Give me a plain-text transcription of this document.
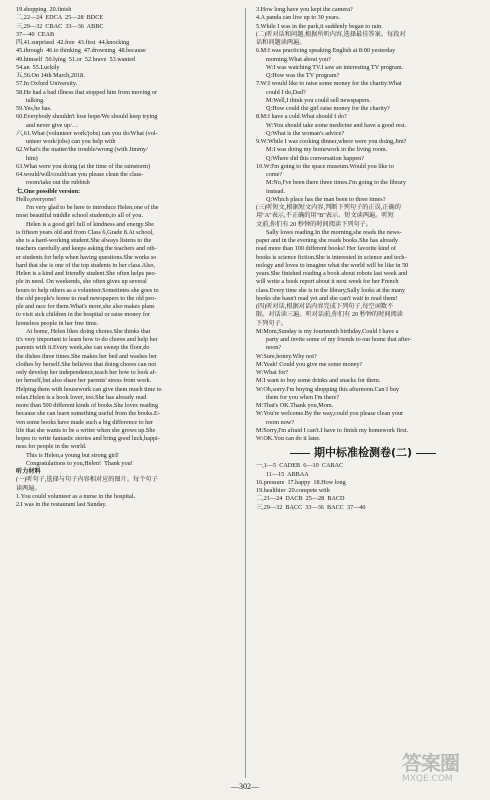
19.shopping  20.finish
二,22—24  EDCA  25—28  BDCE
三,29—32  CBAC  33—36  ABBC
37—40  CEAB
四,41.surprised  42.free  43.first  44.knocking
45.through  46.to thinking  47.drowning  48.because
49.himself  50.lying  51.or  52.brave  53.wanted
54.an  55.Luckily
五,56.On 14th March,2018.
57.In Oxford University.
58.He had a bad illness that stopped him from moving or
talking.
59.Yes,he has.
60.Everybody shouldn't lose hope/We should keep trying
and never give up/…
六,61.What (volunteer work/jobs) can you do/What (vol-
unteer work/jobs) can you help with
62.What's the matter/the trouble/wrong (with Jimmy/
him)
63.What were you doing (at the time of the rainstorm)
64.would/will/could/can you please clean the class-
room/take out the rubbish
七,One possible version:
Hello,everyone!
I'm very glad to be here to introduce Helen,one of the
most beautiful middle school students,to all of you.
Helen is a good girl full of kindness and energy.She
is fifteen years old and from Class 6,Grade 8.At school,
she is a hard-working student.She always listens to the
teachers carefully and keeps asking the teachers and oth-
er students for help when having questions.She works so
hard that she is one of the top students in her class.Also,
Helen is a kind and friendly student.She often helps peo-
ple in need. On weekends, she often gives up several
hours to help others as a volunteer.Sometimes she goes to
the old people's home to read newspapers to the old peo-
ple and race for them.What's more,she also makes plans
to visit sick children in the hospital or raise money for
homeless people in her free time.
At home, Helen likes doing chores.She thinks that
it's very important to learn how to do chores and help her
parents with it.Every week,she can sweep the floor,do
the dishes three times.She makes her bed and washes her
clothes by herself.She believes that doing chores can not
only develop her independence,teach her how to look af-
ter herself,but also share her parents' stress from work.
Helping them with housework can give them much time to
relax.Helen is a book lover, too.She has already read
more than 500 different kinds of books.She loves reading
because she can learn something useful from the books.E-
ven some books have made such a big difference to her
life that she wants to be a writer when she grows up.She
hopes to write fantastic stories and bring good luck,happi-
ness for people in the world.
This is Helen,a young but strong girl!
Congratulations to you,Helen!  Thank you!
听力材料
(一)听句子,选择与句子内容相对应的图片。每个句子
读两遍。
1.You could volunteer as a nurse in the hospital.
2.I was in the restaurant last Sunday.
3.How long have you kept the camera?
4.A panda can live up to 30 years.
5.While I was in the park,it suddenly began to rain.
(二)听对话和问题,根据所听内容,选择最佳答案。每段对
话和问题读两遍。
6.M:I was practicing speaking English at 8:00 yesterday
morning.What about you?
W:I was watching TV.I saw an interesting TV program.
Q:How was the TV program?
7.W:I would like to raise some money for the charity.What
could I do,Dad?
M:Well,I think you could sell newspapers.
Q:How could the girl raise money for the charity?
8.M:I have a cold.What should I do?
W:You should take some medicine and have a good rest.
Q:What is the woman's advice?
9.W:While I was cooking dinner,where were you doing,Jim?
M:I was doing my homework in the living room.
Q:Where did this conversation happen?
10.W:I'm going to the space museum.Would you like to
come?
M:No,I've been there three times.I'm going to the library
instead.
Q:Which place has the man been to three times?
(三)听短文,根据短文内容,判断下列句子的正误,正确的
用"A"表示,不正确的用"B"表示。短文读两遍。听短
文前,你们有 20 秒钟的时间阅读下列句子。
Sally loves reading.In the morning,she reads the news-
paper and in the evening she reads books.She has already
read more than 100 different books! Her favorite kind of
books is science fiction.She is interested in science and tech-
nology and loves to imagine what the world will be like in 50
years.She finished reading a book about robots last week and
will write a book report about it next week for her French
class.Every time she is in the library,Sally looks at the many
books she hasn't read yet and she can't wait to read them!
(四)听对话,根据对话内容完成下列句子,每空词数不
限。对话读三遍。听对话前,你们有 20 秒钟的时间阅读
下列句子。
M:Mom,Sunday is my fourteenth birthday.Could I have a
party and invite some of my friends to our home that after-
noon?
W:Sure,honey.Why not?
M:Yeah! Could you give me some money?
W:What for?
M:I want to buy some drinks and snacks for them.
W:Oh,sorry.I'm buying shopping this afternoon.Can I buy
them for you when I'm there?
M:That's OK.Thank you,Mom.
W:You're welcome.By the way,could you please clean your
room now?
M:Sorry,I'm afraid I can't.I have to finish my homework first.
W:OK.You can do it later.
期中标准检测卷(二)
一,1—5  CADEB  6—10  CABAC
11—15  ABBAA
16.pressure  17.happy  18.How long
19.healthier  20.compete with
二,21—24  DACB  25—28  BACD
三,29—32  BACC  33—36  BACC  37—40
—302—
答案圈
MXQE.COM
